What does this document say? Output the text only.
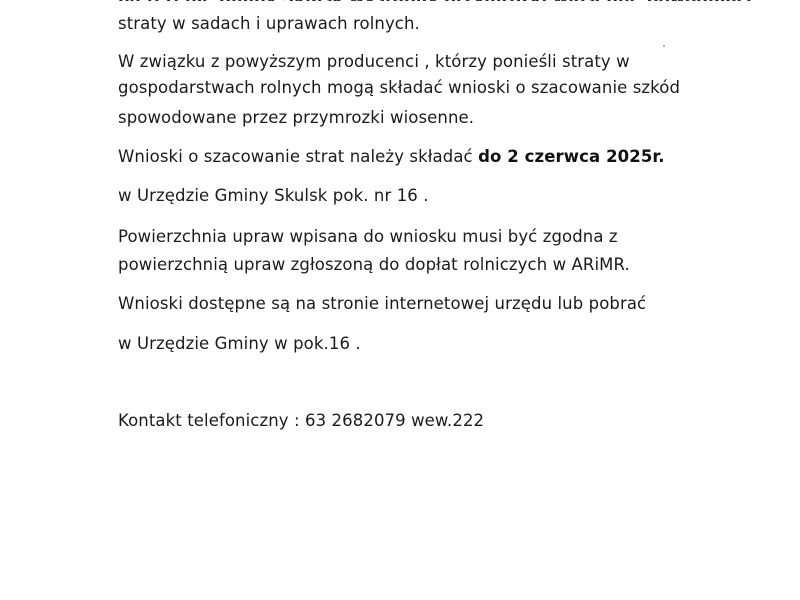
straty w sadach i uprawach rolnych.
W związku z powyższym producenci , którzy ponieśli straty w
gospodarstwach rolnych mogą składać wnioski o szacowanie szkód
spowodowane przez przymrozki wiosenne.
Wnioski o szacowanie strat należy składać do 2 czerwca 2025r.
w Urzędzie Gminy Skulsk pok. nr 16 .
Powierzchnia upraw wpisana do wniosku musi być zgodna z
powierzchnią upraw zgłoszoną do dopłat rolniczych w ARiMR.
Wnioski dostępne są na stronie internetowej urzędu lub pobrać
w Urzędzie Gminy w pok.16 .
Kontakt telefoniczny : 63 2682079 wew.222
